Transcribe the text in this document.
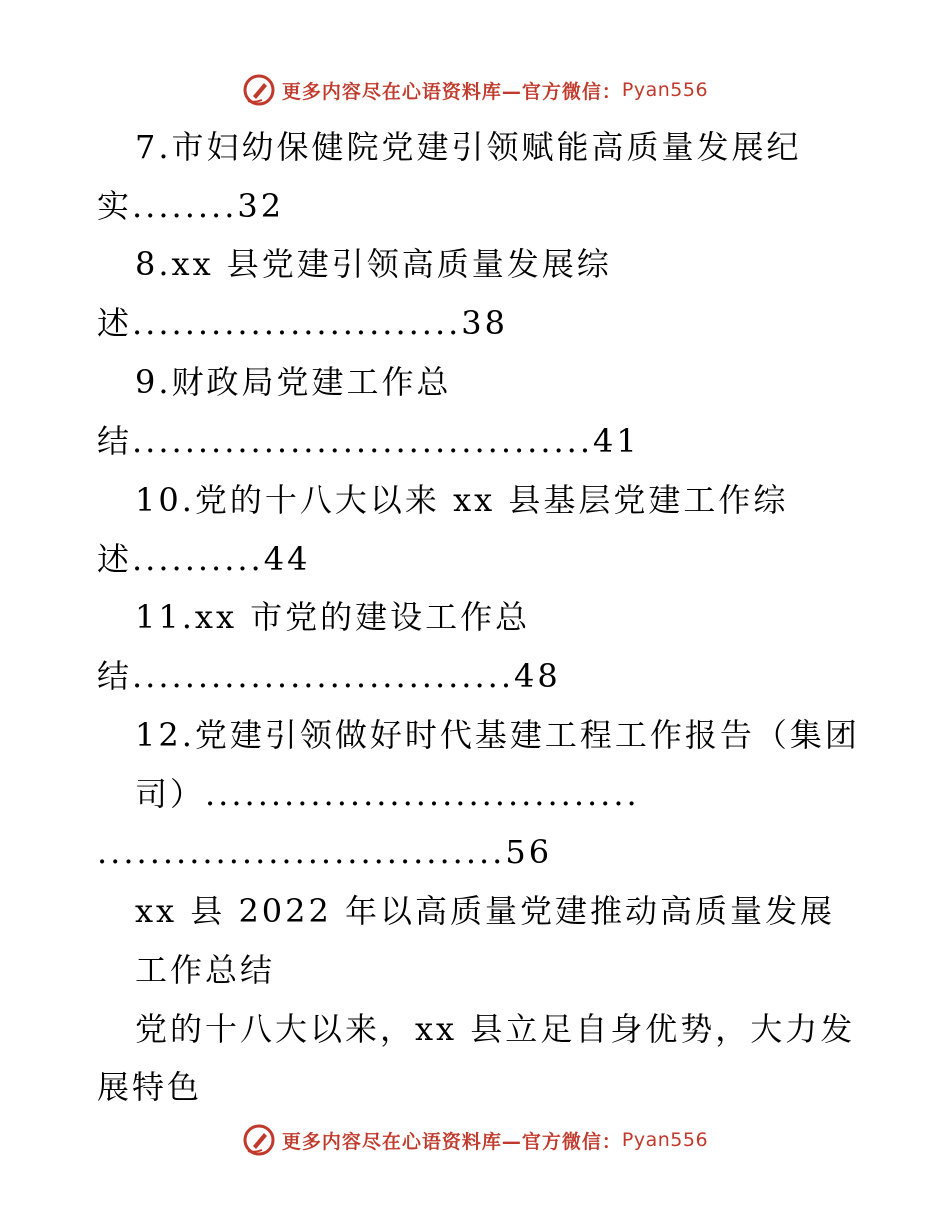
更多内容尽在心语资料库—官方微信： Pyan556
7.市妇幼保健院党建引领赋能高质量发展纪
实........32
8.xx 县党建引领高质量发展综
述.........................38
9.财政局党建工作总
结...................................41
10.党的十八大以来 xx 县基层党建工作综
述..........44
11.xx 市党的建设工作总
结.............................48
12.党建引领做好时代基建工程工作报告（集团
司）.................................
...............................56
xx 县 2022 年以高质量党建推动高质量发展
工作总结
党的十八大以来，xx 县立足自身优势，大力发
展特色
更多内容尽在心语资料库—官方微信： Pyan556
